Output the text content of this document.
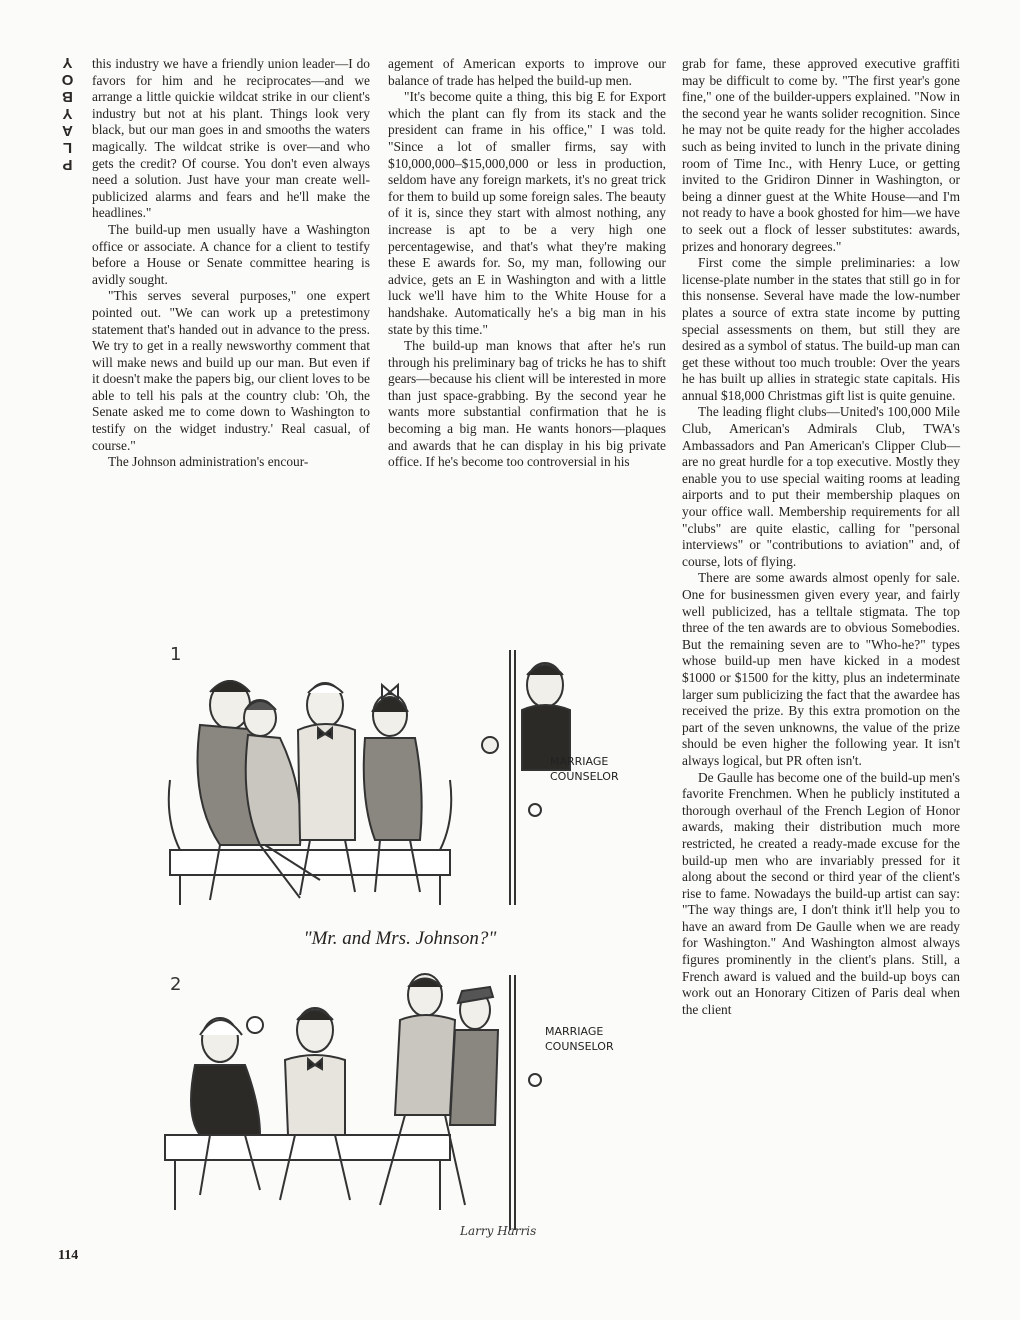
PLAYBOY this industry we have a friendly union leader—I do favors for him and he reciprocates—and we arrange a little quickie wildcat strike in our client's industry but not at his plant. Things look very black, but our man goes in and smooths the waters magically. The wildcat strike is over—and who gets the credit? Of course. You don't even always need a solution. Just have your man create well-publicized alarms and fears and he'll make the headlines."

The build-up men usually have a Washington office or associate. A chance for a client to testify before a House or Senate committee hearing is avidly sought.

"This serves several purposes," one expert pointed out. "We can work up a pretestimony statement that's handed out in advance to the press. We try to get in a really newsworthy comment that will make news and build up our man. But even if it doesn't make the papers big, our client loves to be able to tell his pals at the country club: 'Oh, the Senate asked me to come down to Washington to testify on the widget industry.' Real casual, of course."

The Johnson administration's encour-

agement of American exports to improve our balance of trade has helped the build-up men.

"It's become quite a thing, this big E for Export which the plant can fly from its stack and the president can frame in his office," I was told. "Since a lot of smaller firms, say with $10,000,000–$15,000,000 or less in production, seldom have any foreign markets, it's no great trick for them to build up some foreign sales. The beauty of it is, since they start with almost nothing, any increase is apt to be a very high one percentagewise, and that's what they're making these E awards for. So, my man, following our advice, gets an E in Washington and with a little luck we'll have him to the White House for a handshake. Automatically he's a big man in his state by this time."

The build-up man knows that after he's run through his preliminary bag of tricks he has to shift gears—because his client will be interested in more than just space-grabbing. By the second year he wants more substantial confirmation that he is becoming a big man. He wants honors—plaques and awards that he can display in his big private office. If he's become too controversial in his

grab for fame, these approved executive graffiti may be difficult to come by. "The first year's gone fine," one of the builder-uppers explained. "Now in the second year he wants solider recognition. Since he may not be quite ready for the higher accolades such as being invited to lunch in the private dining room of Time Inc., with Henry Luce, or getting invited to the Gridiron Dinner in Washington, or being a dinner guest at the White House—and I'm not ready to have a book ghosted for him—we have to seek out a flock of lesser substitutes: awards, prizes and honorary degrees."

First come the simple preliminaries: a low license-plate number in the states that still go in for this nonsense. Several have made the low-number plates a source of extra state income by putting special assessments on them, but still they are desired as a symbol of status. The build-up man can get these without too much trouble: Over the years he has built up allies in strategic state capitals. His annual $18,000 Christmas gift list is quite genuine.

The leading flight clubs—United's 100,000 Mile Club, American's Admirals Club, TWA's Ambassadors and Pan American's Clipper Club—are no great hurdle for a top executive. Mostly they enable you to use special waiting rooms at leading airports and to put their membership plaques on your office wall. Membership requirements for all "clubs" are quite elastic, calling for "personal interviews" or "contributions to aviation" and, of course, lots of flying.

There are some awards almost openly for sale. One for businessmen given every year, and fairly well publicized, has a telltale stigmata. The top three of the ten awards are to obvious Somebodies. But the remaining seven are to "Who-he?" types whose build-up men have kicked in a modest $1000 or $1500 for the kitty, plus an indeterminate larger sum publicizing the fact that the awardee has received the prize. By this extra promotion on the part of the seven unknowns, the value of the prize should be even higher the following year. It isn't always logical, but PR often isn't.

De Gaulle has become one of the build-up men's favorite Frenchmen. When he publicly instituted a thorough overhaul of the French Legion of Honor awards, making their distribution much more restricted, he created a ready-made excuse for the build-up men who are invariably pressed for it along about the second or third year of the client's rise to fame. Nowadays the build-up artist can say: "The way things are, I don't think it'll help you to have an award from De Gaulle when we are ready for Washington." And Washington almost always figures prominently in the client's plans. Still, a French award is valued and the build-up boys can work out an Honorary Citizen of Paris deal when the client

1
MARRIAGE
COUNSELOR
"Mr. and Mrs. Johnson?"
2
MARRIAGE
COUNSELOR
Larry Harris
114
